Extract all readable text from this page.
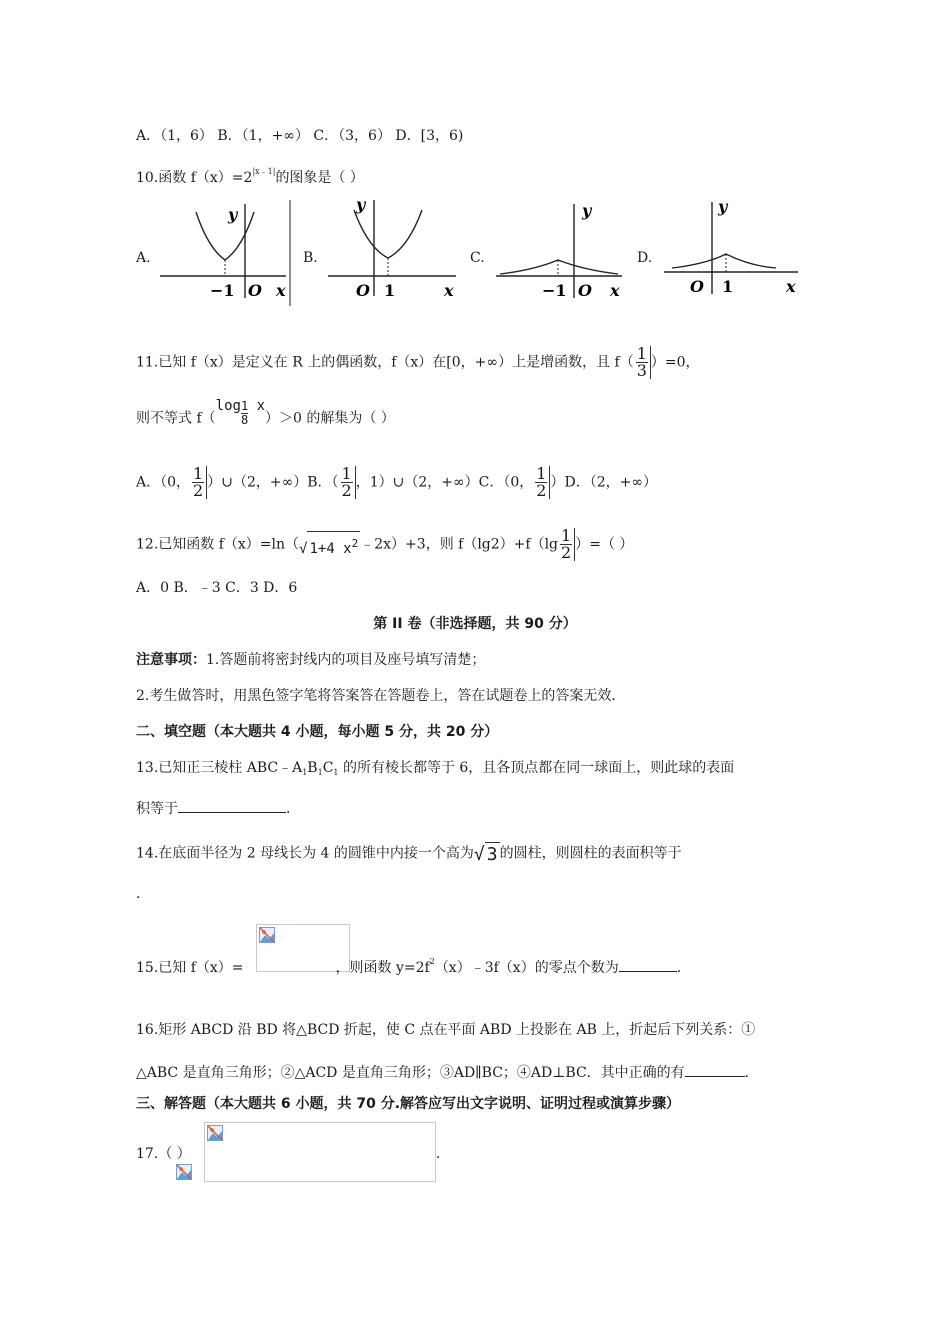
A．（1，6） B．（1，+∞） C．（3，6） D．[3，6)
10.函数 $f(x)=2^{|x﹣1|}$的图象是（ ）
A.
y
x
O
−1
B.
y
x
O 1
C.
y
x
O
−1
D.
y
x
O 1
11.已知 f（x）是定义在 R 上的偶函数，f（x）在[0，+∞）上是增函数，且 $f( \frac{1}{3} )=0$，
则不等式 $f(\log \frac{1}{8} x)>0$ 的解集为（ ）
A．（0， $\frac{1}{2}$ ）∪（2，+∞）B．（ $\frac{1}{2}$ ，1）∪（2，+∞）C．（0， $\frac{1}{2} )D$．（2，+∞）
12.已知函数 f（x）=ln（√ 1+4 $x^2$ ﹣2x）+3，则 $f(\lg 2)+f(\lg \frac{1}{2}$ ）=（ ）
A．0 B．﹣3 C．3 D．6
第 II 卷（非选择题，共 90 分）
注意事项：1.答题前将密封线内的项目及座号填写清楚；
2.考生做答时，用黑色签字笔将答案答在答题卷上，答在试题卷上的答案无效．
二、填空题（本大题共 4 小题，每小题 5 分，共 20 分）
13.已知正三棱柱 $ABC﹣A_1B_1C_1$ 的所有棱长都等于 6，且各顶点都在同一球面上，则此球的表面
积等于	．
14.在底面半径为 2 母线长为 4 的圆锥中内接一个高为√ 3 的圆柱，则圆柱的表面积等于
．
15.已知 f（x）=	，则函数 $y=2f^2(x)﹣3f(x)$的零点个数为	．
16.矩形 ABCD 沿 BD 将△BCD 折起，使 C 点在平面 ABD 上投影在 AB 上，折起后下列关系：①
△ABC 是直角三角形；②△ACD 是直角三角形；③AD∥BC；④AD⊥BC．其中正确的有	．
三、解答题（本大题共 6 小题，共 70 分.解答应写出文字说明、证明过程或演算步骤）
17.（ ）	．
